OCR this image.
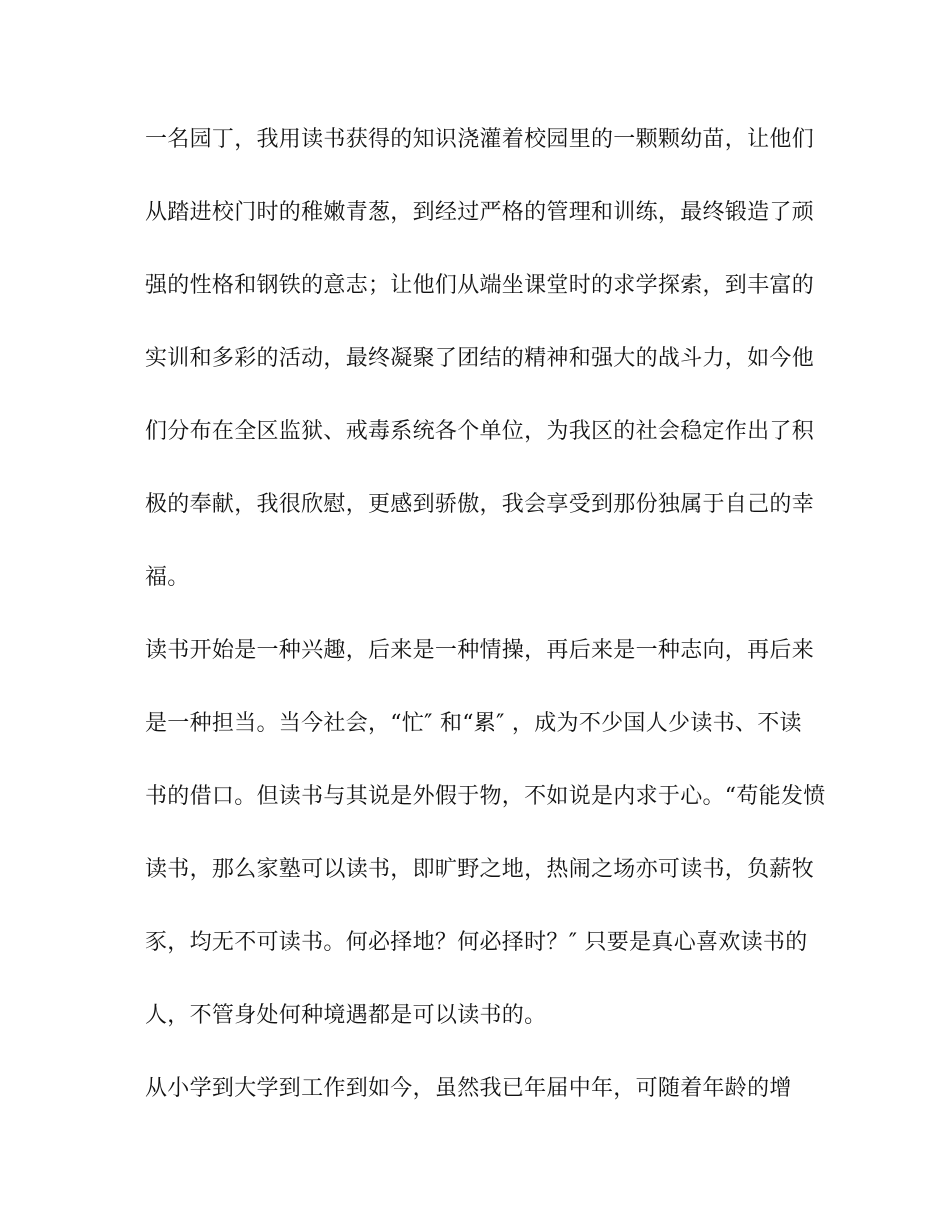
一名园丁，我用读书获得的知识浇灌着校园里的一颗颗幼苗，让他们
从踏进校门时的稚嫩青葱，到经过严格的管理和训练，最终锻造了顽
强的性格和钢铁的意志；让他们从端坐课堂时的求学探索，到丰富的
实训和多彩的活动，最终凝聚了团结的精神和强大的战斗力，如今他
们分布在全区监狱、戒毒系统各个单位，为我区的社会稳定作出了积
极的奉献，我很欣慰，更感到骄傲，我会享受到那份独属于自己的幸
福。
读书开始是一种兴趣，后来是一种情操，再后来是一种志向，再后来
是一种担当。当今社会，“忙″ 和“累″ ，成为不少国人少读书、不读
书的借口。但读书与其说是外假于物，不如说是内求于心。“苟能发愤
读书，那么家塾可以读书，即旷野之地，热闹之场亦可读书，负薪牧
豕，均无不可读书。何必择地？何必择时？″ 只要是真心喜欢读书的
人，不管身处何种境遇都是可以读书的。
从小学到大学到工作到如今，虽然我已年届中年，可随着年龄的增
